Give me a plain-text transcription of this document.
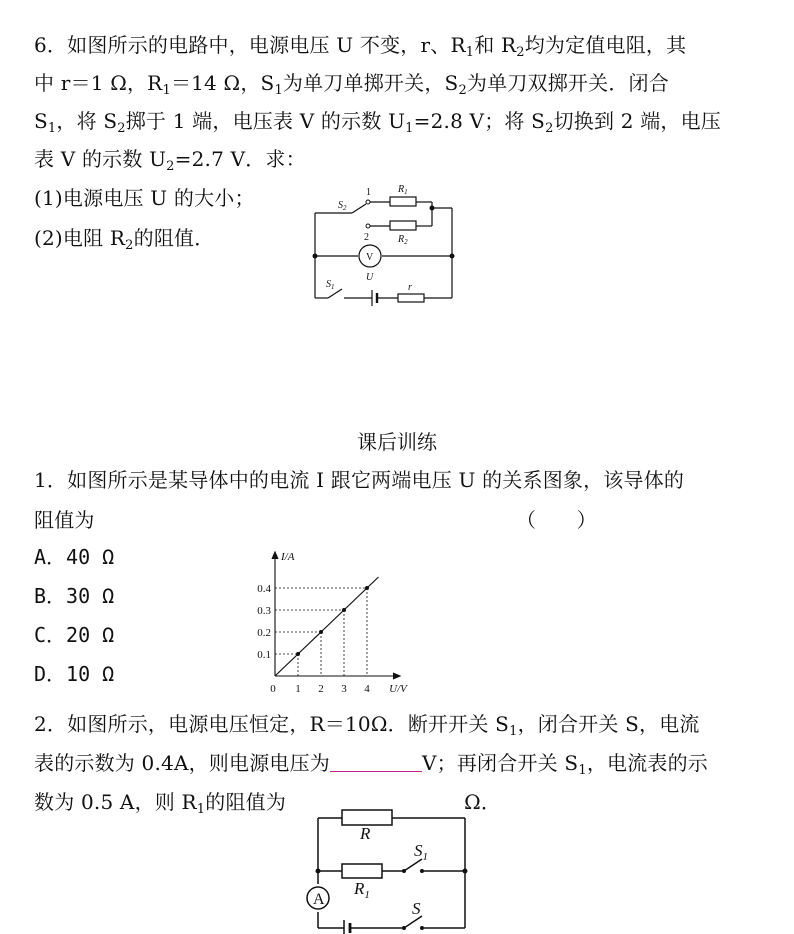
6．如图所示的电路中，电源电压 U 不变，r、$R_1$和 $R_2$均为定值电阻，其
中 r＝1 Ω，$R_1=14$ Ω，$S_1$为单刀单掷开关，$S_2$为单刀双掷开关．闭合
$S_1$，将 $S_2$掷于 1 端，电压表 V 的示数 $U_1=2.8$ V；将 $S_2$切换到 2 端，电压
表 V 的示数 $U_2=2.7$ V．求：
(1)电源电压 U 的大小；
(2)电阻 $R_2$的阻值．
$S_2$
1
2
$R_1$
$R_2$
V
U
$S_1$	r
课后训练
1．如图所示是某导体中的电流 I 跟它两端电压 U 的关系图象，该导体的
阻值为	（　　）
A．40 Ω
B．30 Ω
C．20 Ω
D．10 Ω
1 2 3 4
0.1
0.2
0.3
0.4
0	U/V
I/A
2．如图所示，电源电压恒定，R＝10Ω．断开开关 $S_1$，闭合开关 S，电流
表的示数为 0.4A，则电源电压为	V；再闭合开关 $S_1$，电流表的示
数为 0.5 A，则 $R_1$的阻值为	Ω．
R
$S_1$
$R_1$
S
A
